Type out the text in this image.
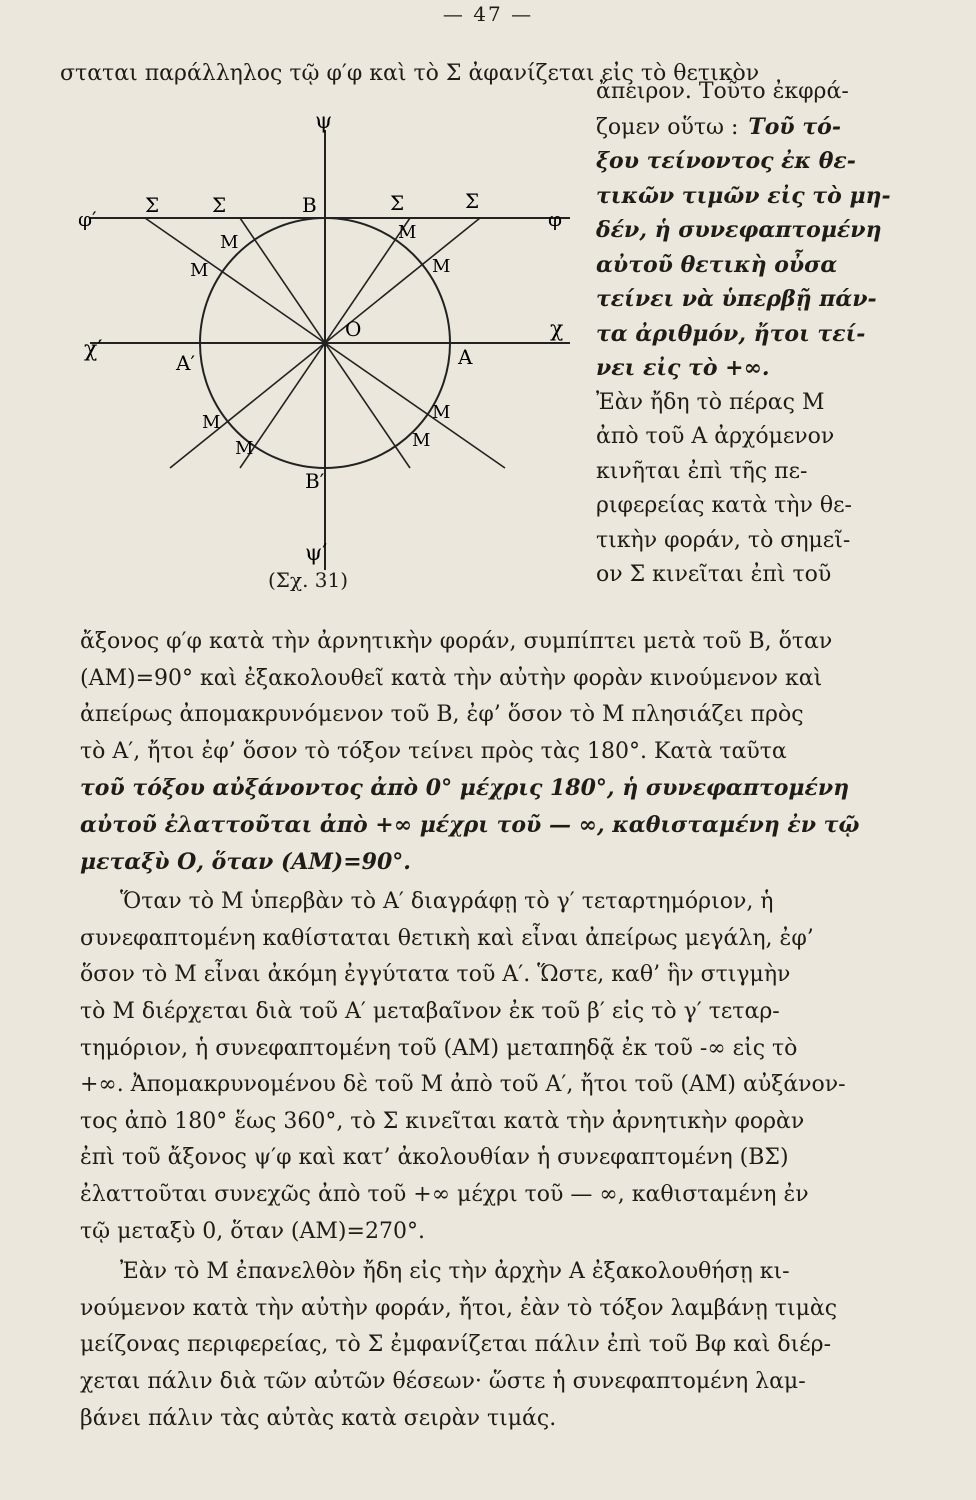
— 47 —
σταται παράλληλος τῷ φ′φ καὶ τὸ Σ ἀφανίζεται εἰς τὸ θετικὸν
ἄπειρον. Τοῦτο ἐκφρά-
ζομεν οὕτω : Τοῦ τό-
ξου τείνοντος ἐκ θε-
τικῶν τιμῶν εἰς τὸ μη-
δέν, ἡ συνεφαπτομένη
αὐτοῦ θετικὴ οὖσα
τείνει νὰ ὑπερβῇ πάν-
τα ἀριθμόν, ἤτοι τεί-
νει εἰς τὸ +∞.
Ἐὰν ἤδη τὸ πέρας Μ
ἀπὸ τοῦ Α ἀρχόμενον
κινῆται ἐπὶ τῆς πε-
ριφερείας κατὰ τὴν θε-
τικὴν φοράν, τὸ σημεῖ-
ον Σ κινεῖται ἐπὶ τοῦ
ψ
ψ′
φ′	φ
χ′
χ
Β
Β′
Α
Α′
Ο
Σ	Σ	Σ	Σ
Μ
Μ
Μ
Μ
Μ
Μ
Μ
Μ
(Σχ. 31)
ἄξονος φ′φ κατὰ τὴν ἀρνητικὴν φοράν, συμπίπτει μετὰ τοῦ Β, ὅταν
(ΑΜ)=90° καὶ ἐξακολουθεῖ κατὰ τὴν αὐτὴν φορὰν κινούμενον καὶ
ἀπείρως ἀπομακρυνόμενον τοῦ Β, ἐφ’ ὅσον τὸ Μ πλησιάζει πρὸς
τὸ Α′, ἤτοι ἐφ’ ὅσον τὸ τόξον τείνει πρὸς τὰς 180°. Κατὰ ταῦτα
τοῦ τόξου αὐξάνοντος ἀπὸ 0° μέχρις 180°, ἡ συνεφαπτομένη
αὐτοῦ ἐλαττοῦται ἀπὸ +∞ μέχρι τοῦ — ∞, καθισταμένη ἐν τῷ
μεταξὺ Ο, ὅταν (ΑΜ)=90°.
Ὅταν τὸ Μ ὑπερβὰν τὸ Α′ διαγράφῃ τὸ γ′ τεταρτημόριον, ἡ
συνεφαπτομένη καθίσταται θετικὴ καὶ εἶναι ἀπείρως μεγάλη, ἐφ’
ὅσον τὸ Μ εἶναι ἀκόμη ἐγγύτατα τοῦ Α′. Ὥστε, καθ’ ἣν στιγμὴν
τὸ Μ διέρχεται διὰ τοῦ Α′ μεταβαῖνον ἐκ τοῦ β′ εἰς τὸ γ′ τεταρ-
τημόριον, ἡ συνεφαπτομένη τοῦ (ΑΜ) μεταπηδᾷ ἐκ τοῦ -∞ εἰς τὸ
+∞. Ἀπομακρυνομένου δὲ τοῦ Μ ἀπὸ τοῦ Α′, ἤτοι τοῦ (ΑΜ) αὐξάνον-
τος ἀπὸ 180° ἕως 360°, τὸ Σ κινεῖται κατὰ τὴν ἀρνητικὴν φορὰν
ἐπὶ τοῦ ἄξονος ψ′φ καὶ κατ’ ἀκολουθίαν ἡ συνεφαπτομένη (ΒΣ)
ἐλαττοῦται συνεχῶς ἀπὸ τοῦ +∞ μέχρι τοῦ — ∞, καθισταμένη ἐν
τῷ μεταξὺ 0, ὅταν (ΑΜ)=270°.
Ἐὰν τὸ Μ ἐπανελθὸν ἤδη εἰς τὴν ἀρχὴν Α ἐξακολουθήσῃ κι-
νούμενον κατὰ τὴν αὐτὴν φοράν, ἤτοι, ἐὰν τὸ τόξον λαμβάνῃ τιμὰς
μείζονας περιφερείας, τὸ Σ ἐμφανίζεται πάλιν ἐπὶ τοῦ Βφ καὶ διέρ-
χεται πάλιν διὰ τῶν αὐτῶν θέσεων· ὥστε ἡ συνεφαπτομένη λαμ-
βάνει πάλιν τὰς αὐτὰς κατὰ σειρὰν τιμάς.
